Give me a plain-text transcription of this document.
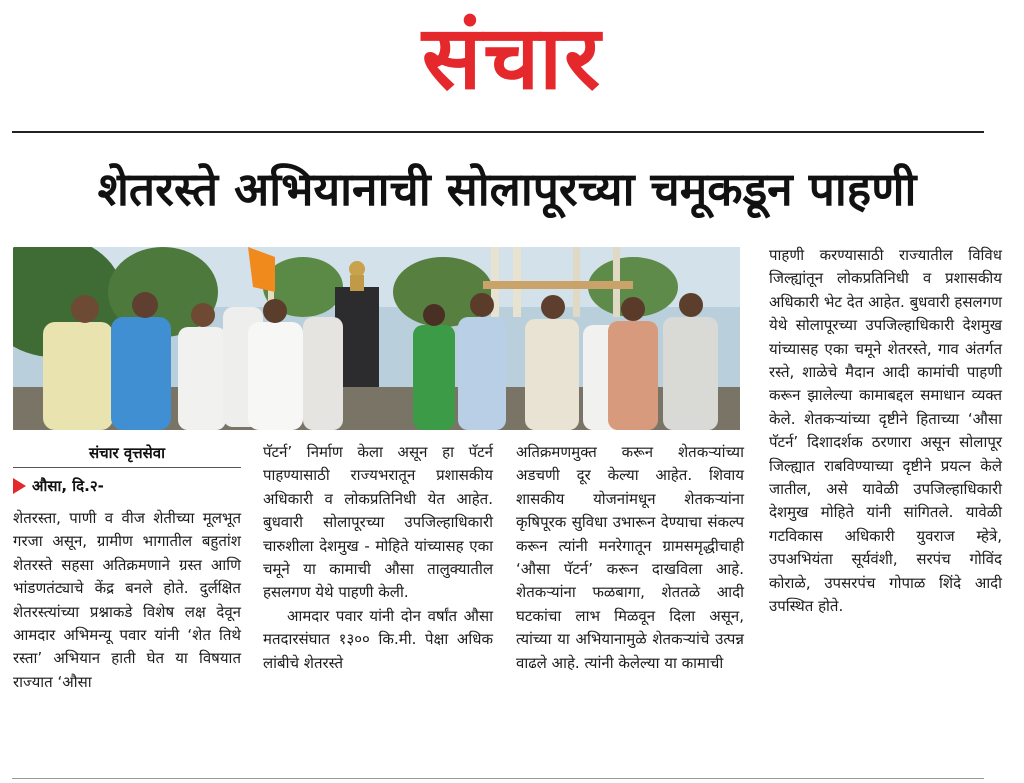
संचार
शेतरस्ते अभियानाची सोलापूरच्या चमूकडून पाहणी
संचार वृत्तसेवा
औसा, दि.२-

शेतरस्ता, पाणी व वीज शेतीच्या मूलभूत गरजा असून, ग्रामीण भागातील बहुतांश शेतरस्ते सहसा अतिक्रमणाने ग्रस्त आणि भांडणतंट्याचे केंद्र बनले होते. दुर्लक्षित शेतरस्त्यांच्या प्रश्नाकडे विशेष लक्ष देवून आमदार अभिमन्यू पवार यांनी ‘शेत तिथे रस्ता’ अभियान हाती घेत या विषयात राज्यात ‘औसा

पॅटर्न’ निर्माण केला असून हा पॅटर्न पाहण्यासाठी राज्यभरातून प्रशासकीय अधिकारी व लोकप्रतिनिधी येत आहेत. बुधवारी सोलापूरच्या उपजिल्हाधिकारी चारुशीला देशमुख - मोहिते यांच्यासह एका चमूने या कामाची औसा तालुक्यातील हसलगण येथे पाहणी केली.

आमदार पवार यांनी दोन वर्षांत औसा मतदारसंघात १३०० कि.मी. पेक्षा अधिक लांबीचे शेतरस्ते

अतिक्रमणमुक्त करून शेतकऱ्यांच्या अडचणी दूर केल्या आहेत. शिवाय शासकीय योजनांमधून शेतकऱ्यांना कृषिपूरक सुविधा उभारून देण्याचा संकल्प करून त्यांनी मनरेगातून ग्रामसमृद्धीचाही ‘औसा पॅटर्न’ करून दाखविला आहे. शेतकऱ्यांना फळबागा, शेततळे आदी घटकांचा लाभ मिळवून दिला असून, त्यांच्या या अभियानामुळे शेतकऱ्यांचे उत्पन्न वाढले आहे. त्यांनी केलेल्या या कामाची

पाहणी करण्यासाठी राज्यातील विविध जिल्ह्यांतून लोकप्रतिनिधी व प्रशासकीय अधिकारी भेट देत आहेत. बुधवारी हसलगण येथे सोलापूरच्या उपजिल्हाधिकारी देशमुख यांच्यासह एका चमूने शेतरस्ते, गाव अंतर्गत रस्ते, शाळेचे मैदान आदी कामांची पाहणी करून झालेल्या कामाबद्दल समाधान व्यक्त केले. शेतकऱ्यांच्या दृष्टीने हिताच्या ‘औसा पॅटर्न’ दिशादर्शक ठरणारा असून सोलापूर जिल्ह्यात राबविण्याच्या दृष्टीने प्रयत्न केले जातील, असे यावेळी उपजिल्हाधिकारी देशमुख मोहिते यांनी सांगितले. यावेळी गटविकास अधिकारी युवराज म्हेत्रे, उपअभियंता सूर्यवंशी, सरपंच गोविंद कोराळे, उपसरपंच गोपाळ शिंदे आदी उपस्थित होते.
